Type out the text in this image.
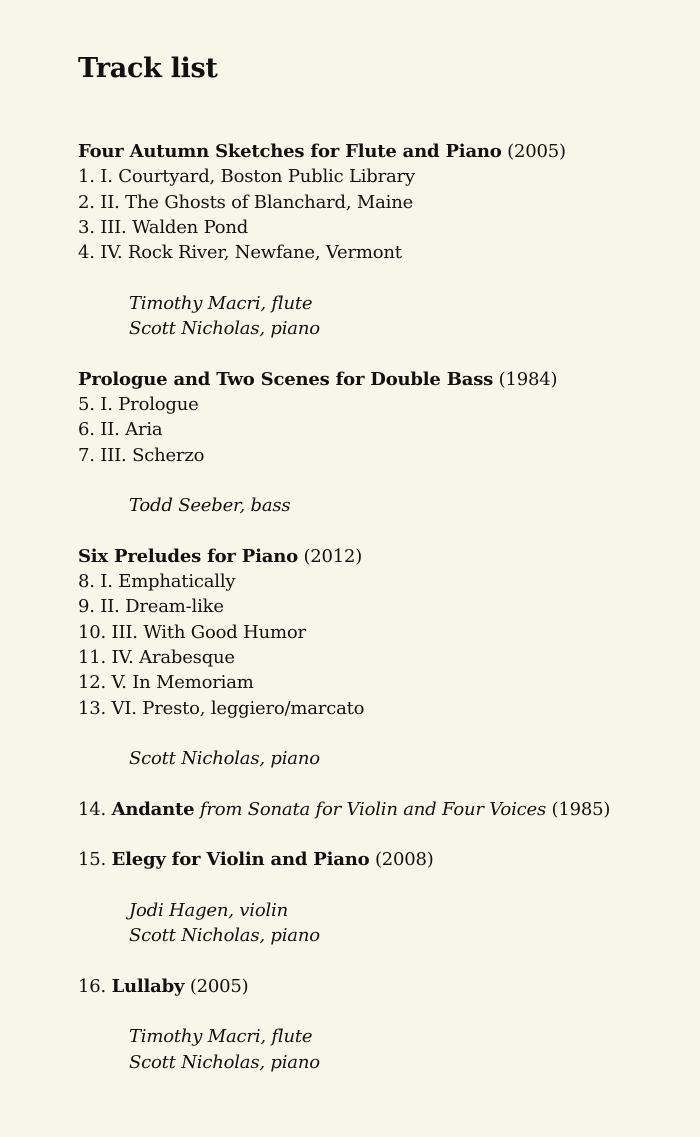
Track list
Four Autumn Sketches for Flute and Piano (2005)
1. I. Courtyard, Boston Public Library
2. II. The Ghosts of Blanchard, Maine
3. III. Walden Pond
4. IV. Rock River, Newfane, Vermont
Timothy Macri, flute
Scott Nicholas, piano
Prologue and Two Scenes for Double Bass (1984)
5. I. Prologue
6. II. Aria
7. III. Scherzo
Todd Seeber, bass
Six Preludes for Piano (2012)
8. I. Emphatically
9. II. Dream-like
10. III. With Good Humor
11. IV. Arabesque
12. V. In Memoriam
13. VI. Presto, leggiero/marcato
Scott Nicholas, piano
14. Andante from Sonata for Violin and Four Voices (1985)
15. Elegy for Violin and Piano (2008)
Jodi Hagen, violin
Scott Nicholas, piano
16. Lullaby (2005)
Timothy Macri, flute
Scott Nicholas, piano
